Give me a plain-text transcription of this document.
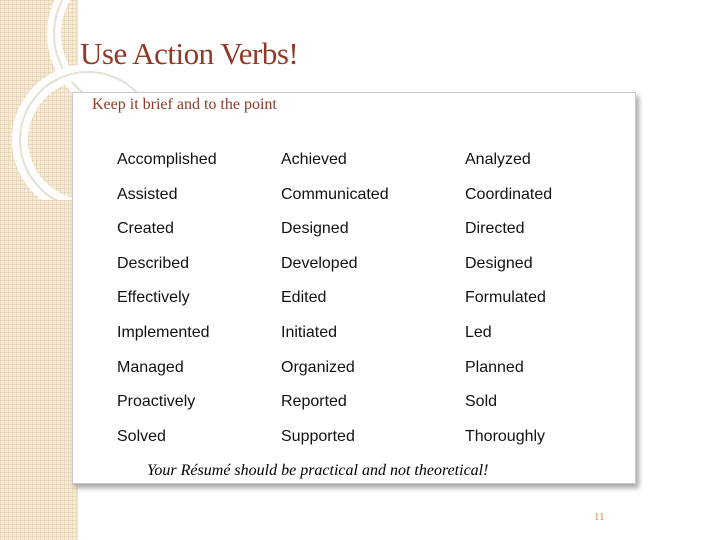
Use Action Verbs!
Accomplished	Achieved	Analyzed
Assisted	Communicated	Coordinated
Created	Designed	Directed
Described	Developed	Designed
Effectively	Edited	Formulated
Implemented	Initiated	Led
Managed	Organized	Planned
Proactively	Reported	Sold
Solved	Supported	Thoroughly
Your Résumé should be practical and not theoretical!
Keep it brief and to the point
11
